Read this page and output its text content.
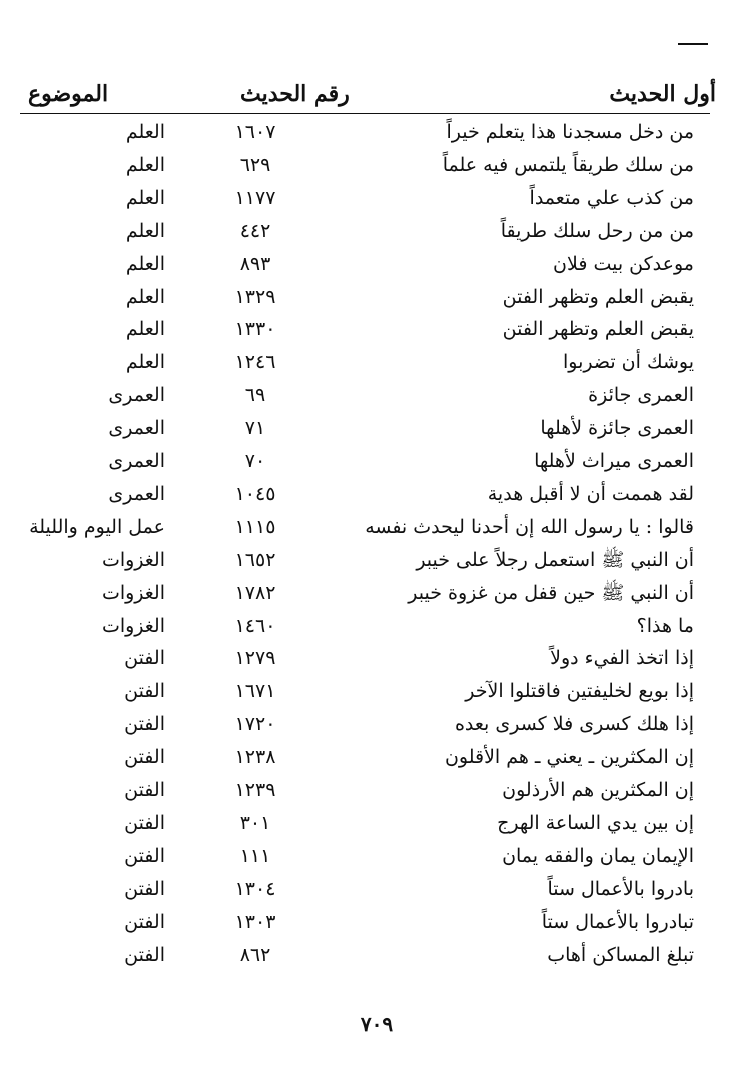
أول الحديث
رقم الحديث
الموضوع
من دخل مسجدنا هذا يتعلم خيراً
١٦٠٧
العلم
من سلك طريقاً يلتمس فيه علماً
٦٢٩
العلم
من كذب علي متعمداً
١١٧٧
العلم
من من رحل سلك طريقاً
٤٤٢
العلم
موعدكن بيت فلان
٨٩٣
العلم
يقبض العلم وتظهر الفتن
١٣٢٩
العلم
يقبض العلم وتظهر الفتن
١٣٣٠
العلم
يوشك أن تضربوا
١٢٤٦
العلم
العمرى جائزة
٦٩
العمرى
العمرى جائزة لأهلها
٧١
العمرى
العمرى ميراث لأهلها
٧٠
العمرى
لقد هممت أن لا أقبل هدية
١٠٤٥
العمرى
قالوا : يا رسول الله إن أحدنا ليحدث نفسه
١١١٥
عمل اليوم والليلة
أن النبي ﷺ استعمل رجلاً على خيبر
١٦٥٢
الغزوات
أن النبي ﷺ حين قفل من غزوة خيبر
١٧٨٢
الغزوات
ما هذا؟
١٤٦٠
الغزوات
إذا اتخذ الفيء دولاً
١٢٧٩
الفتن
إذا بويع لخليفتين فاقتلوا الآخر
١٦٧١
الفتن
إذا هلك كسرى فلا كسرى بعده
١٧٢٠
الفتن
إن المكثرين ـ يعني ـ هم الأقلون
١٢٣٨
الفتن
إن المكثرين هم الأرذلون
١٢٣٩
الفتن
إن بين يدي الساعة الهرج
٣٠١
الفتن
الإيمان يمان والفقه يمان
١١١
الفتن
بادروا بالأعمال ستاً
١٣٠٤
الفتن
تبادروا بالأعمال ستاً
١٣٠٣
الفتن
تبلغ المساكن أهاب
٨٦٢
الفتن
٧٠٩
